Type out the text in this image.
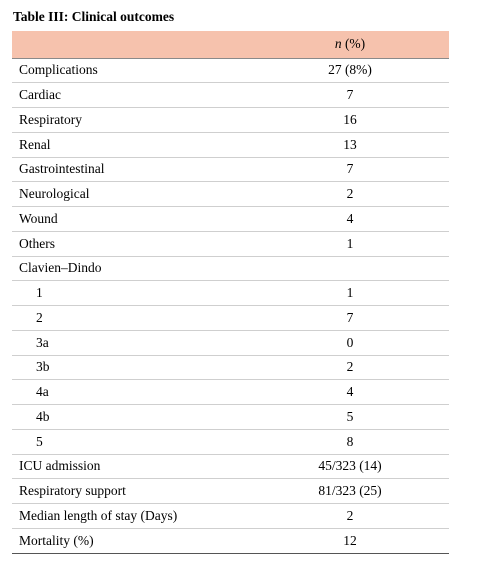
Table III: Clinical outcomes
	n (%)
Complications	27 (8%)
Cardiac	7
Respiratory	16
Renal	13
Gastrointestinal	7
Neurological	2
Wound	4
Others	1
Clavien–Dindo	
1	1
2	7
3a	0
3b	2
4a	4
4b	5
5	8
ICU admission	45/323 (14)
Respiratory support	81/323 (25)
Median length of stay (Days)	2
Mortality (%)	12
